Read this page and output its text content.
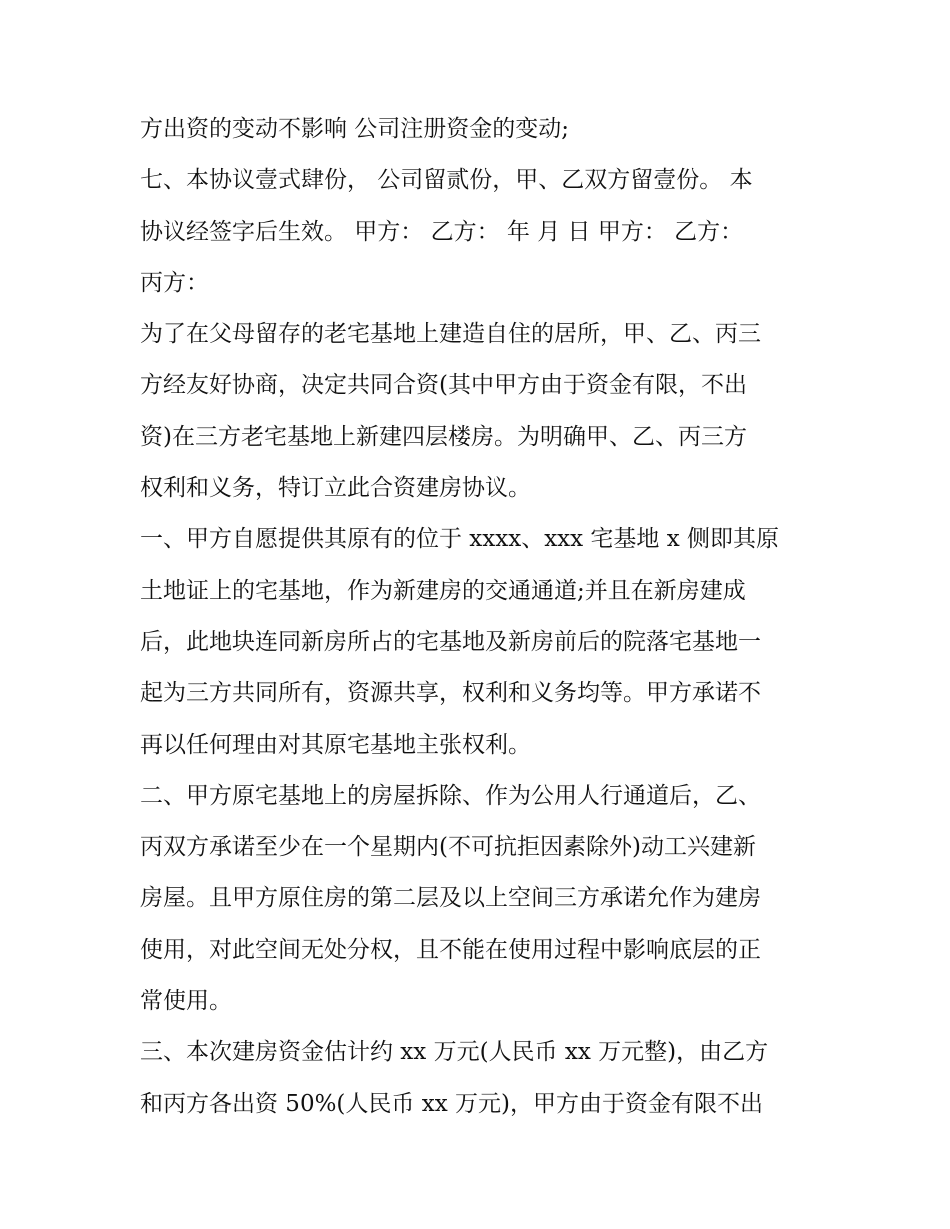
方出资的变动不影响 公司注册资金的变动;
七、本协议壹式肆份， 公司留贰份，甲、乙双方留壹份。 本
协议经签字后生效。 甲方： 乙方： 年 月 日 甲方： 乙方：
丙方：
为了在父母留存的老宅基地上建造自住的居所，甲、乙、丙三
方经友好协商，决定共同合资(其中甲方由于资金有限，不出
资)在三方老宅基地上新建四层楼房。为明确甲、乙、丙三方
权利和义务，特订立此合资建房协议。
一、甲方自愿提供其原有的位于 xxxx、xxx 宅基地 x 侧即其原
土地证上的宅基地，作为新建房的交通通道;并且在新房建成
后，此地块连同新房所占的宅基地及新房前后的院落宅基地一
起为三方共同所有，资源共享，权利和义务均等。甲方承诺不
再以任何理由对其原宅基地主张权利。
二、甲方原宅基地上的房屋拆除、作为公用人行通道后，乙、
丙双方承诺至少在一个星期内(不可抗拒因素除外)动工兴建新
房屋。且甲方原住房的第二层及以上空间三方承诺允作为建房
使用，对此空间无处分权，且不能在使用过程中影响底层的正
常使用。
三、本次建房资金估计约 xx 万元(人民币 xx 万元整)，由乙方
和丙方各出资 50%(人民币 xx 万元)，甲方由于资金有限不出
